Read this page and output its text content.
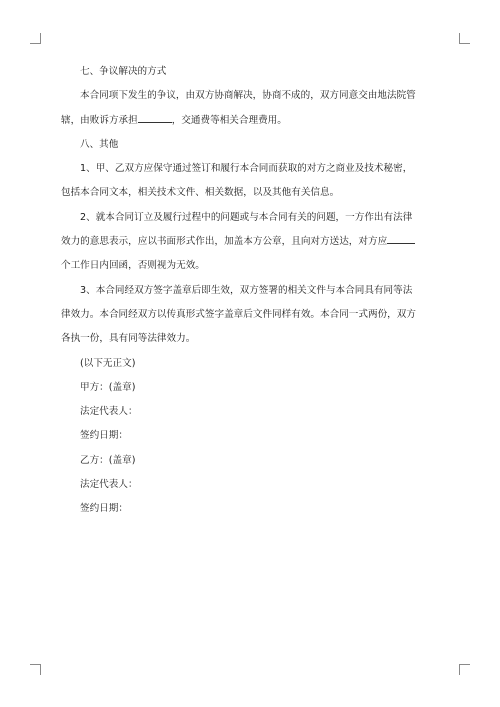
七、争议解决的方式
本合同项下发生的争议，由双方协商解决，协商不成的，双方同意交由地法院管
辖，由败诉方承担	，交通费等相关合理费用。
八、其他
1、甲、乙双方应保守通过签订和履行本合同而获取的对方之商业及技术秘密，
包括本合同文本，相关技术文件、相关数据，以及其他有关信息。
2、就本合同订立及履行过程中的问题或与本合同有关的问题，一方作出有法律
效力的意思表示，应以书面形式作出，加盖本方公章，且向对方送达，对方应
个工作日内回函，否则视为无效。
3、本合同经双方签字盖章后即生效，双方签署的相关文件与本合同具有同等法
律效力。本合同经双方以传真形式签字盖章后文件同样有效。本合同一式两份，双方
各执一份，具有同等法律效力。
(以下无正文)
甲方：(盖章)
法定代表人：
签约日期：
乙方：(盖章)
法定代表人：
签约日期：
